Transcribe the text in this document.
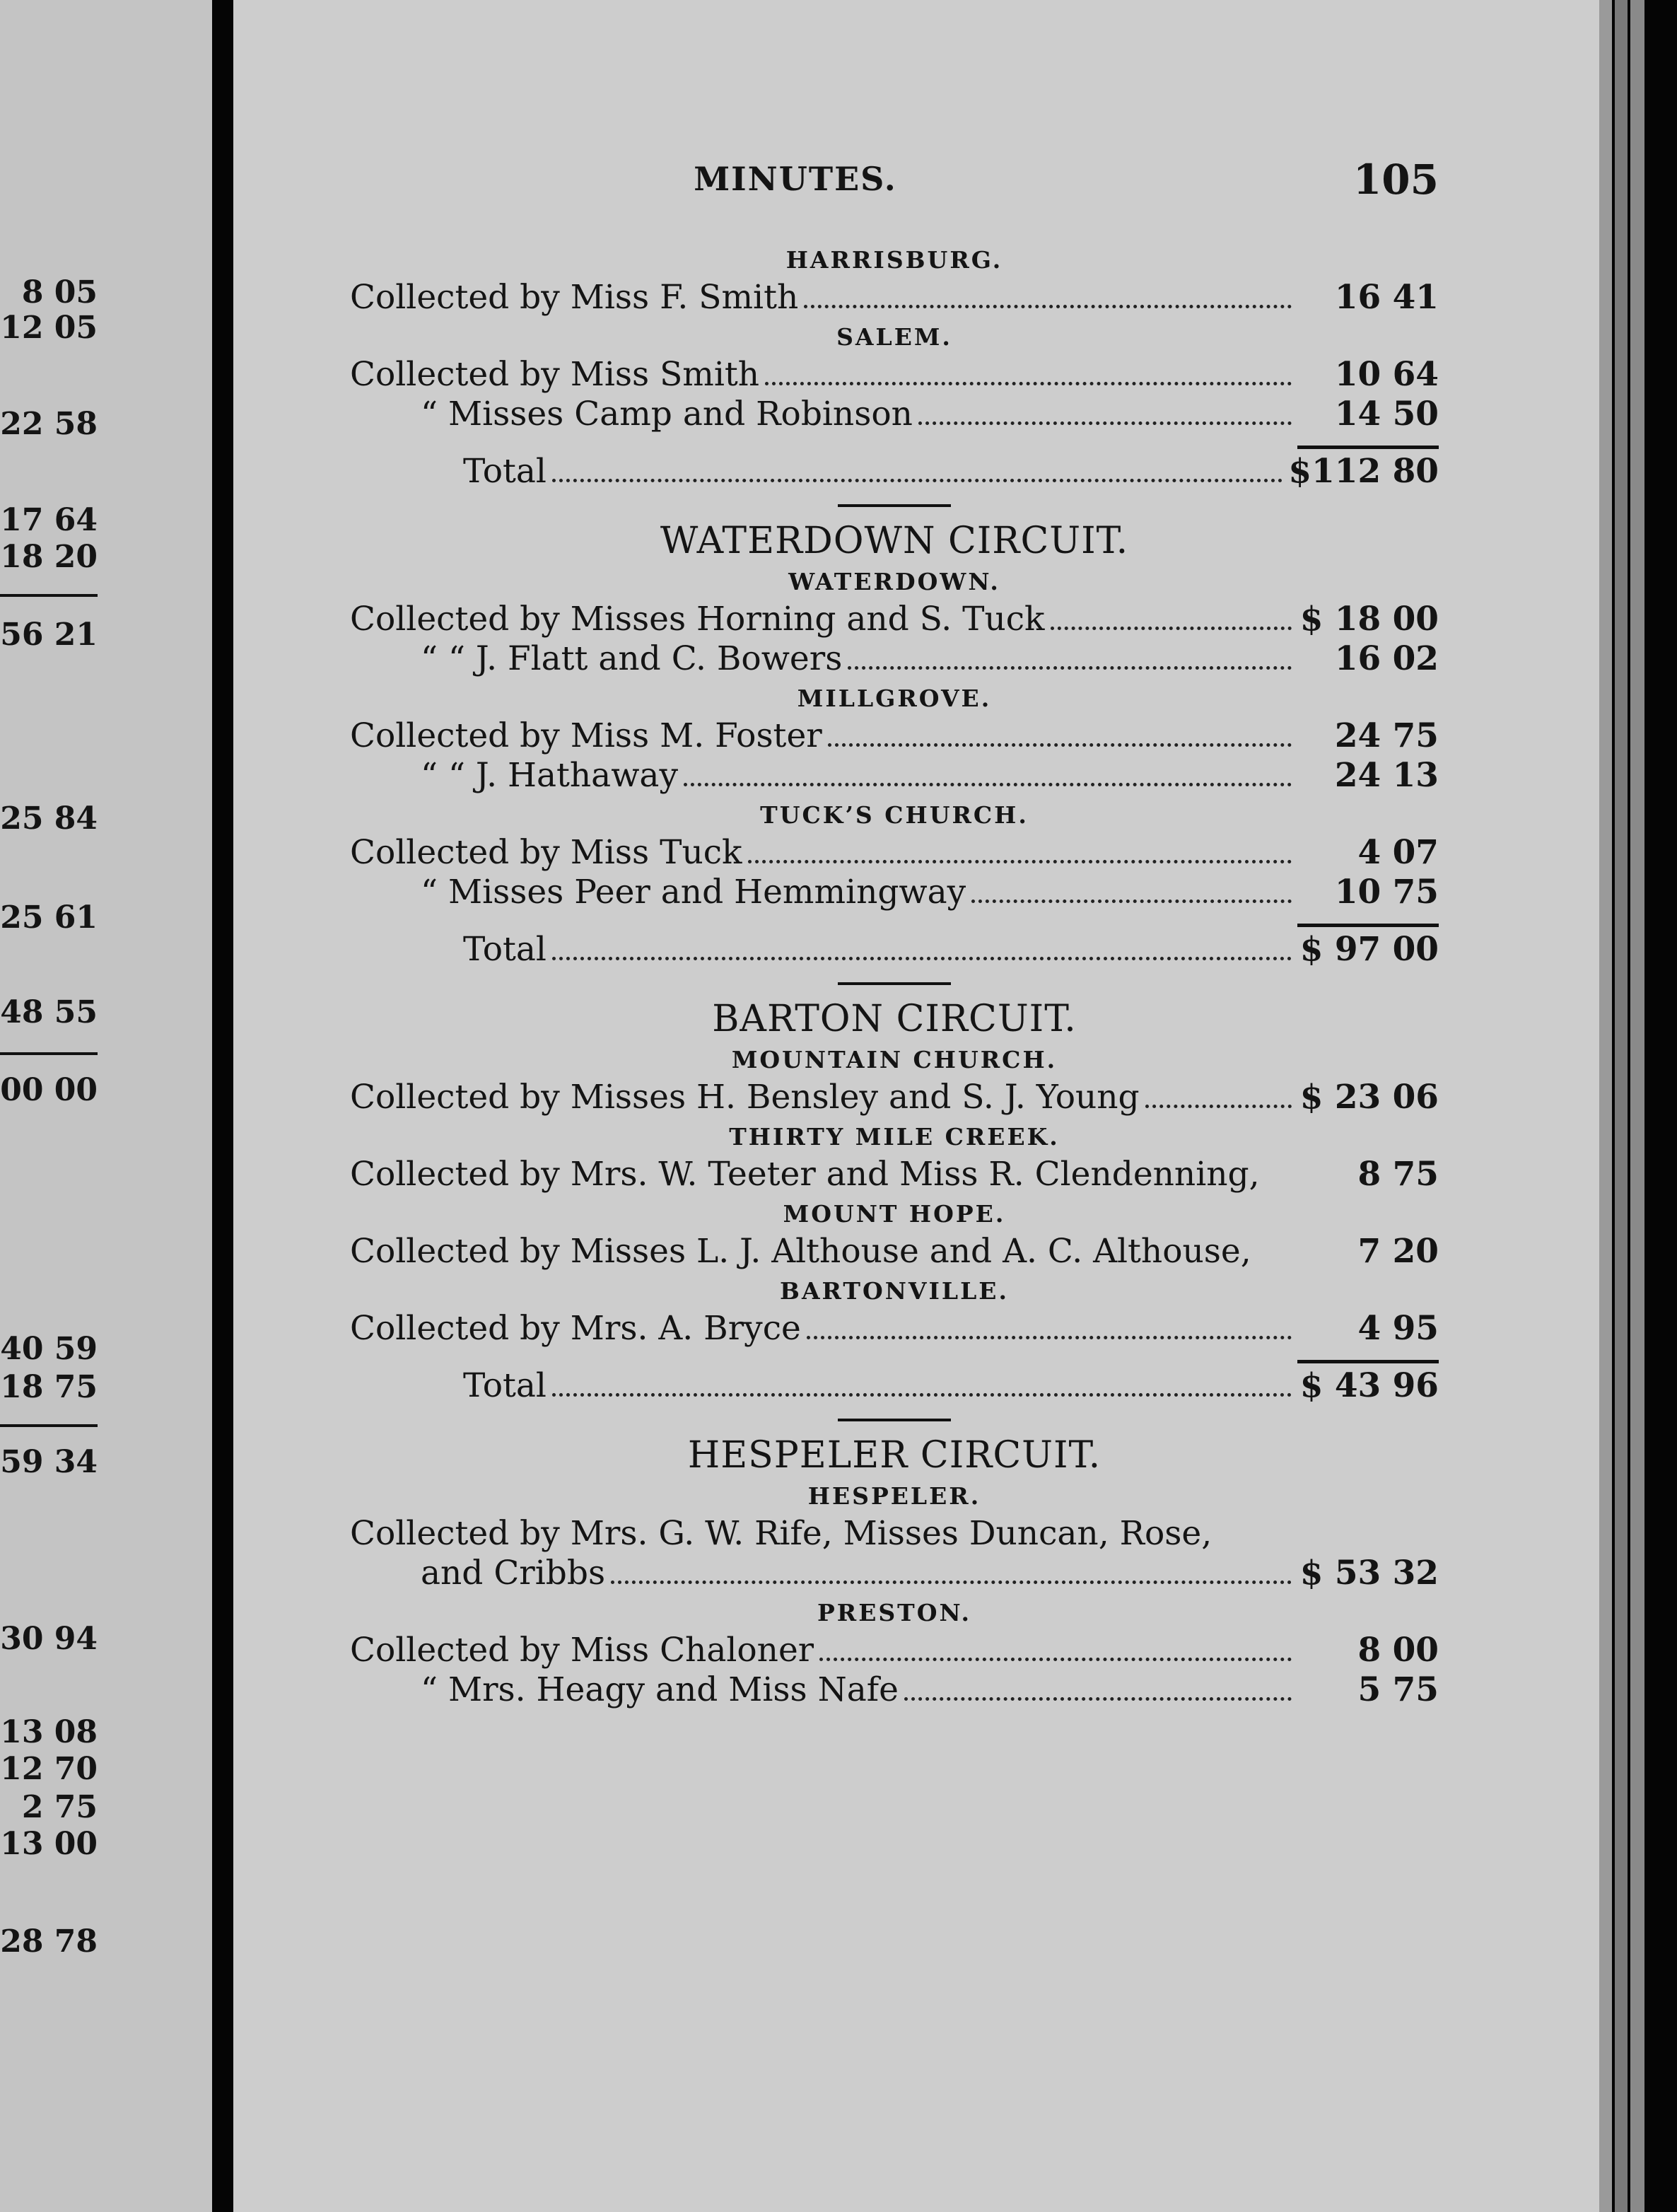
8 05
12 05
22 58
17 64
18 20
56 21
25 84
25 61
48 55
00 00
40 59
18 75
59 34
30 94
13 08
12 70
2 75
13 00
28 78
MINUTES.	105
HARRISBURG.
Collected by Miss F. Smith	16 41
SALEM.
Collected by Miss Smith	10 64
“ Misses Camp and Robinson	14 50
Total	$112 80
WATERDOWN CIRCUIT.
WATERDOWN.
Collected by Misses Horning and S. Tuck	$ 18 00
“ “ J. Flatt and C. Bowers	16 02
MILLGROVE.
Collected by Miss M. Foster	24 75
“ “ J. Hathaway	24 13
TUCK’S CHURCH.
Collected by Miss Tuck	4 07
“ Misses Peer and Hemmingway	10 75
Total	$ 97 00
BARTON CIRCUIT.
MOUNTAIN CHURCH.
Collected by Misses H. Bensley and S. J. Young	$ 23 06
THIRTY MILE CREEK.
Collected by Mrs. W. Teeter and Miss R. Clendenning,	8 75
MOUNT HOPE.
Collected by Misses L. J. Althouse and A. C. Althouse,	7 20
BARTONVILLE.
Collected by Mrs. A. Bryce	4 95
Total	$ 43 96
HESPELER CIRCUIT.
HESPELER.
Collected by Mrs. G. W. Rife, Misses Duncan, Rose,
and Cribbs	$ 53 32
PRESTON.
Collected by Miss Chaloner	8 00
“ Mrs. Heagy and Miss Nafe	5 75
